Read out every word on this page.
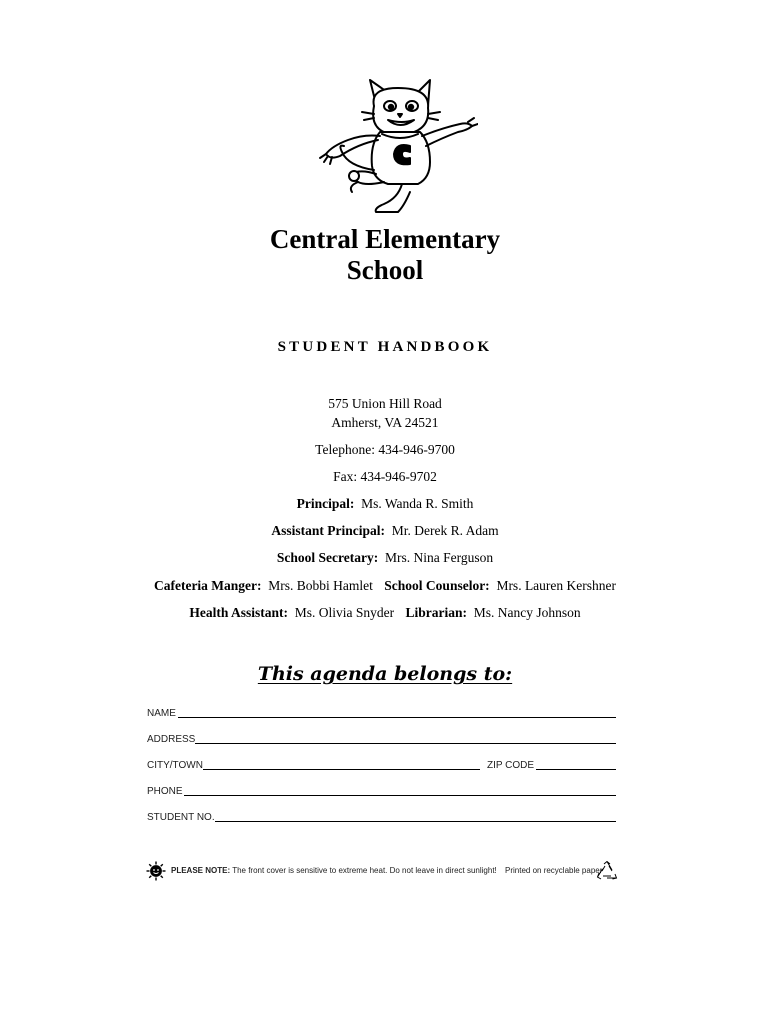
Central Elementary
School
STUDENT HANDBOOK
575 Union Hill Road
Amherst, VA 24521
Telephone: 434-946-9700
Fax: 434-946-9702
Principal: Ms. Wanda R. Smith
Assistant Principal: Mr. Derek R. Adam
School Secretary: Mrs. Nina Ferguson
Cafeteria Manger: Mrs. Bobbi Hamlet School Counselor: Mrs. Lauren Kershner
Health Assistant: Ms. Olivia Snyder Librarian: Ms. Nancy Johnson
This agenda belongs to:
NAME
ADDRESS
CITY/TOWN	ZIP CODE
PHONE
STUDENT NO.
PLEASE NOTE: The front cover is sensitive to extreme heat. Do not leave in direct sunlight! Printed on recyclable paper
